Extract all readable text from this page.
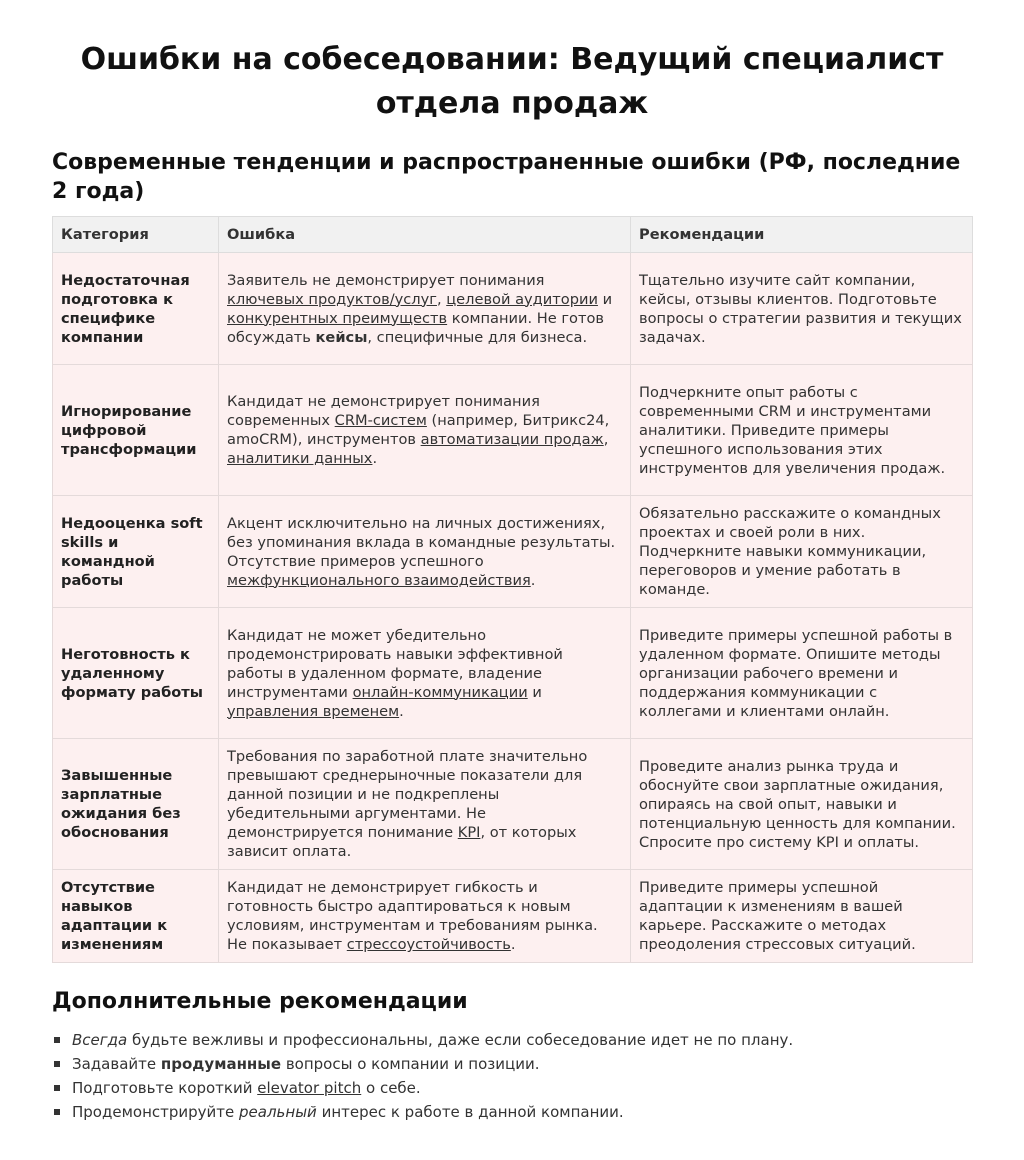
Ошибки на собеседовании: Ведущий специалист отдела продаж
Современные тенденции и распространенные ошибки (РФ, последние 2 года)
Категория	Ошибка	Рекомендации
Недостаточная подготовка к специфике компании	Заявитель не демонстрирует понимания ключевых продуктов/услуг, целевой аудитории и конкурентных преимуществ компании. Не готов обсуждать кейсы, специфичные для бизнеса.	Тщательно изучите сайт компании, кейсы, отзывы клиентов. Подготовьте вопросы о стратегии развития и текущих задачах.
Игнорирование цифровой трансформации	Кандидат не демонстрирует понимания современных CRM-систем (например, Битрикс24, amoCRM), инструментов автоматизации продаж, аналитики данных.	Подчеркните опыт работы с современными CRM и инструментами аналитики. Приведите примеры успешного использования этих инструментов для увеличения продаж.
Недооценка soft skills и командной работы	Акцент исключительно на личных достижениях, без упоминания вклада в командные результаты. Отсутствие примеров успешного межфункционального взаимодействия.	Обязательно расскажите о командных проектах и своей роли в них. Подчеркните навыки коммуникации, переговоров и умение работать в команде.
Неготовность к удаленному формату работы	Кандидат не может убедительно продемонстрировать навыки эффективной работы в удаленном формате, владение инструментами онлайн-коммуникации и управления временем.	Приведите примеры успешной работы в удаленном формате. Опишите методы организации рабочего времени и поддержания коммуникации с коллегами и клиентами онлайн.
Завышенные зарплатные ожидания без обоснования	Требования по заработной плате значительно превышают среднерыночные показатели для данной позиции и не подкреплены убедительными аргументами. Не демонстрируется понимание KPI, от которых зависит оплата.	Проведите анализ рынка труда и обоснуйте свои зарплатные ожидания, опираясь на свой опыт, навыки и потенциальную ценность для компании. Спросите про систему KPI и оплаты.
Отсутствие навыков адаптации к изменениям	Кандидат не демонстрирует гибкость и готовность быстро адаптироваться к новым условиям, инструментам и требованиям рынка. Не показывает стрессоустойчивость.	Приведите примеры успешной адаптации к изменениям в вашей карьере. Расскажите о методах преодоления стрессовых ситуаций.
Дополнительные рекомендации
Всегда будьте вежливы и профессиональны, даже если собеседование идет не по плану.
Задавайте продуманные вопросы о компании и позиции.
Подготовьте короткий elevator pitch о себе.
Продемонстрируйте реальный интерес к работе в данной компании.
